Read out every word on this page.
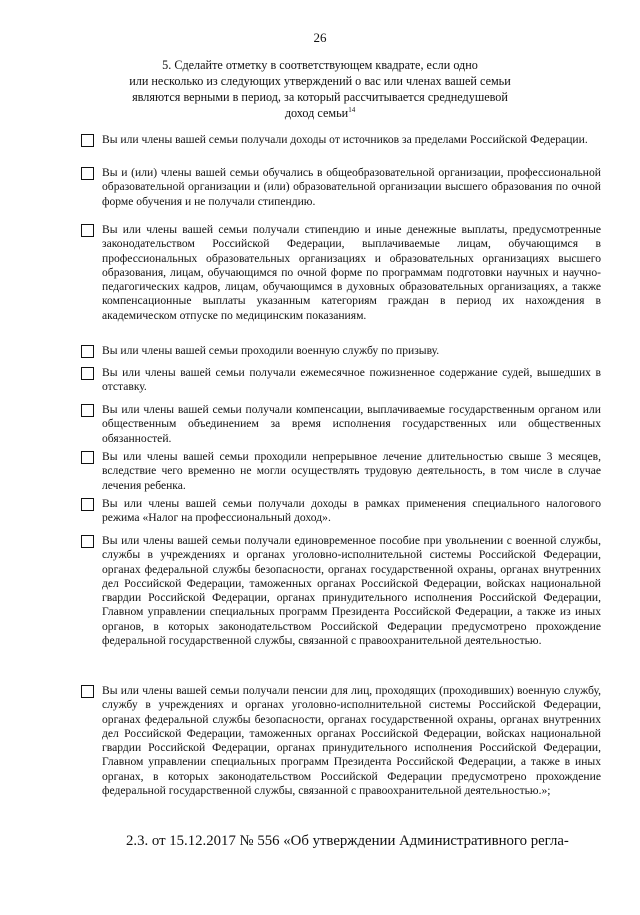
26
5. Сделайте отметку в соответствующем квадрате, если одно
или несколько из следующих утверждений о вас или членах вашей семьи
являются верными в период, за который рассчитывается среднедушевой
доход семьи$^{14}$
Вы или члены вашей семьи получали доходы от источников за пределами Российской Федерации.
Вы и (или) члены вашей семьи обучались в общеобразовательной организации, профессиональной образовательной организации и (или) образовательной организации высшего образования по очной форме обучения и не получали стипендию.
Вы или члены вашей семьи получали стипендию и иные денежные выплаты, предусмотренные законодательством Российской Федерации, выплачиваемые лицам, обучающимся в профессиональных образовательных организациях и образовательных организациях высшего образования, лицам, обучающимся по очной форме по программам подготовки научных и научно-педагогических кадров, лицам, обучающимся в духовных образовательных организациях, а также компенсационные выплаты указанным категориям граждан в период их нахождения в академическом отпуске по медицинским показаниям.
Вы или члены вашей семьи проходили военную службу по призыву.
Вы или члены вашей семьи получали ежемесячное пожизненное содержание судей, вышедших в отставку.
Вы или члены вашей семьи получали компенсации, выплачиваемые государственным органом или общественным объединением за время исполнения государственных или общественных обязанностей.
Вы или члены вашей семьи проходили непрерывное лечение длительностью свыше 3 месяцев, вследствие чего временно не могли осуществлять трудовую деятельность, в том числе в случае лечения ребенка.
Вы или члены вашей семьи получали доходы в рамках применения специального налогового режима «Налог на профессиональный доход».
Вы или члены вашей семьи получали единовременное пособие при увольнении с военной службы, службы в учреждениях и органах уголовно-исполнительной системы Российской Федерации, органах федеральной службы безопасности, органах государственной охраны, органах внутренних дел Российской Федерации, таможенных органах Российской Федерации, войсках национальной гвардии Российской Федерации, органах принудительного исполнения Российской Федерации, Главном управлении специальных программ Президента Российской Федерации, а также из иных органов, в которых законодательством Российской Федерации предусмотрено прохождение федеральной государственной службы, связанной с правоохранительной деятельностью.
Вы или члены вашей семьи получали пенсии для лиц, проходящих (проходивших) военную службу, службу в учреждениях и органах уголовно-исполнительной системы Российской Федерации, органах федеральной службы безопасности, органах государственной охраны, органах внутренних дел Российской Федерации, таможенных органах Российской Федерации, войсках национальной гвардии Российской Федерации, органах принудительного исполнения Российской Федерации, Главном управлении специальных программ Президента Российской Федерации, а также в иных органах, в которых законодательством Российской Федерации предусмотрено прохождение федеральной государственной службы, связанной с правоохранительной деятельностью.»;
2.3. от 15.12.2017 № 556 «Об утверждении Административного регла-
